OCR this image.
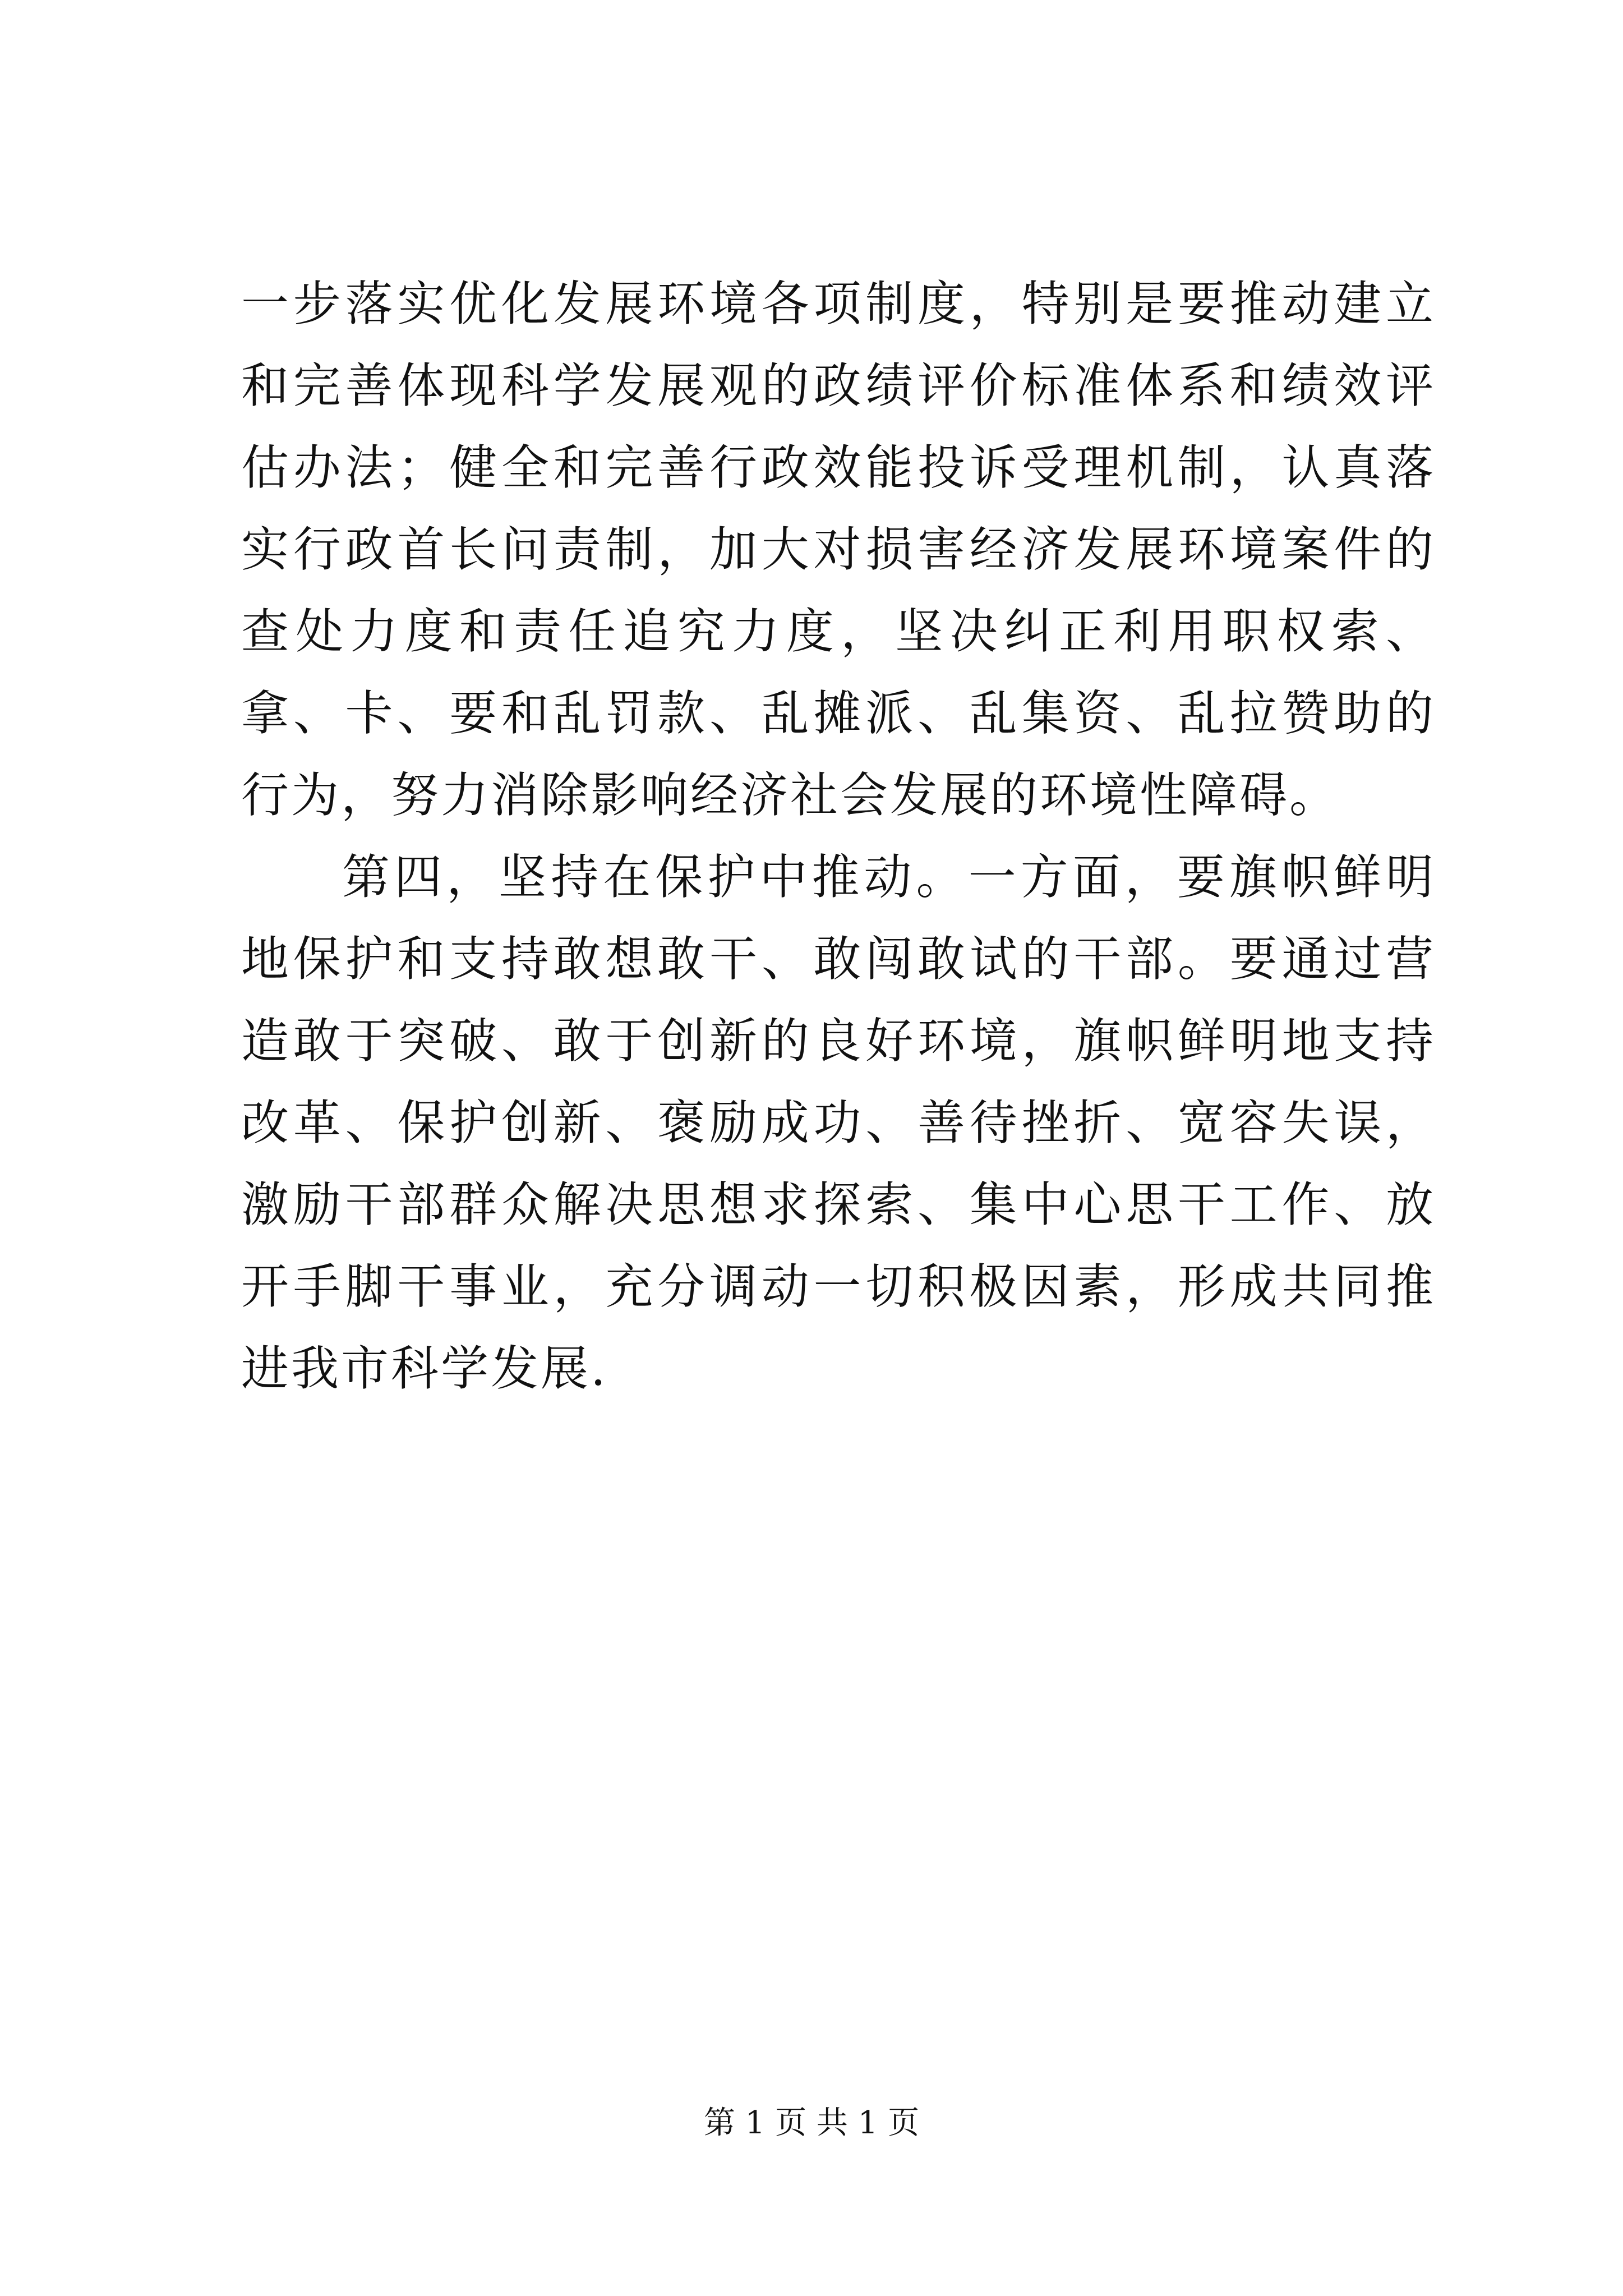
一步落实优化发展环境各项制度，特别是要推动建立和完善体现科学发展观的政绩评价标准体系和绩效评估办法；健全和完善行政效能投诉受理机制，认真落实行政首长问责制，加大对损害经济发展环境案件的查处力度和责任追究力度，坚决纠正利用职权索、拿、卡、要和乱罚款、乱摊派、乱集资、乱拉赞助的行为，努力消除影响经济社会发展的环境性障碍。

第四，坚持在保护中推动。一方面，要旗帜鲜明地保护和支持敢想敢干、敢闯敢试的干部。要通过营造敢于突破、敢于创新的良好环境，旗帜鲜明地支持改革、保护创新、褒励成功、善待挫折、宽容失误，激励干部群众解决思想求探索、集中心思干工作、放开手脚干事业，充分调动一切积极因素，形成共同推进我市科学发展.

第 1 页 共 1 页
